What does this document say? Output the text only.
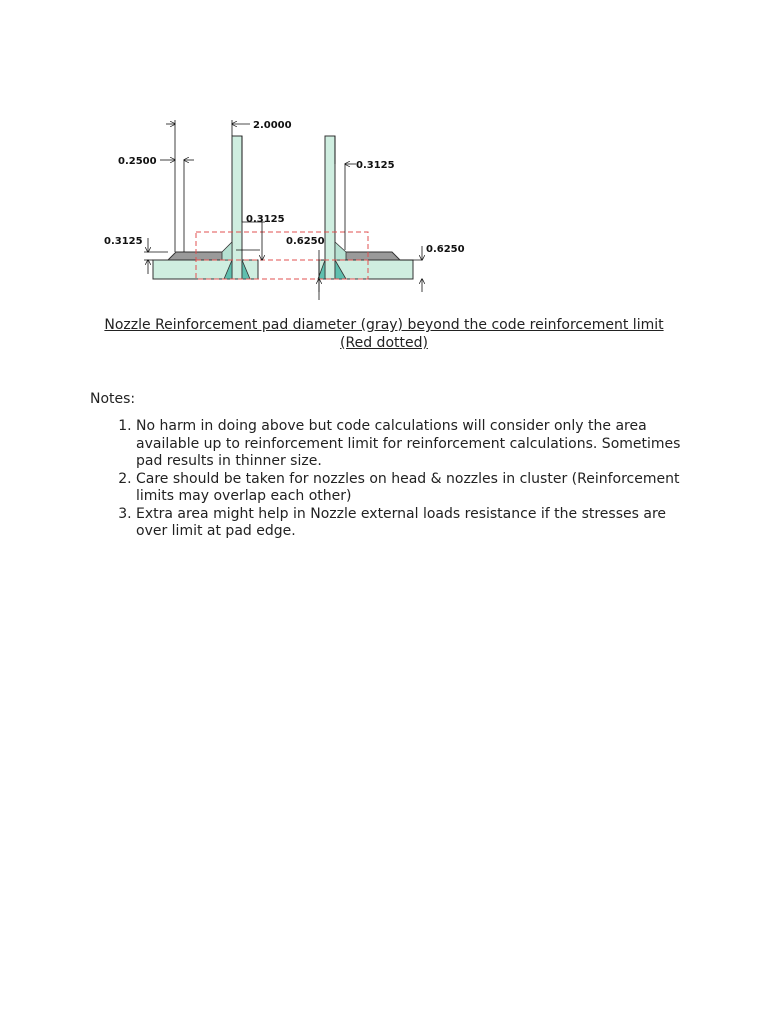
2.0000
0.2500
0.3125
0.3125
0.3125
0.6250
0.6250
Nozzle Reinforcement pad diameter (gray) beyond the code reinforcement limit
(Red dotted)
Notes:
1. No harm in doing above but code calculations will consider only the area available up to reinforcement limit for reinforcement calculations. Sometimes pad results in thinner size.
2. Care should be taken for nozzles on head & nozzles in cluster (Reinforcement limits may overlap each other)
3. Extra area might help in Nozzle external loads resistance if the stresses are over limit at pad edge.
